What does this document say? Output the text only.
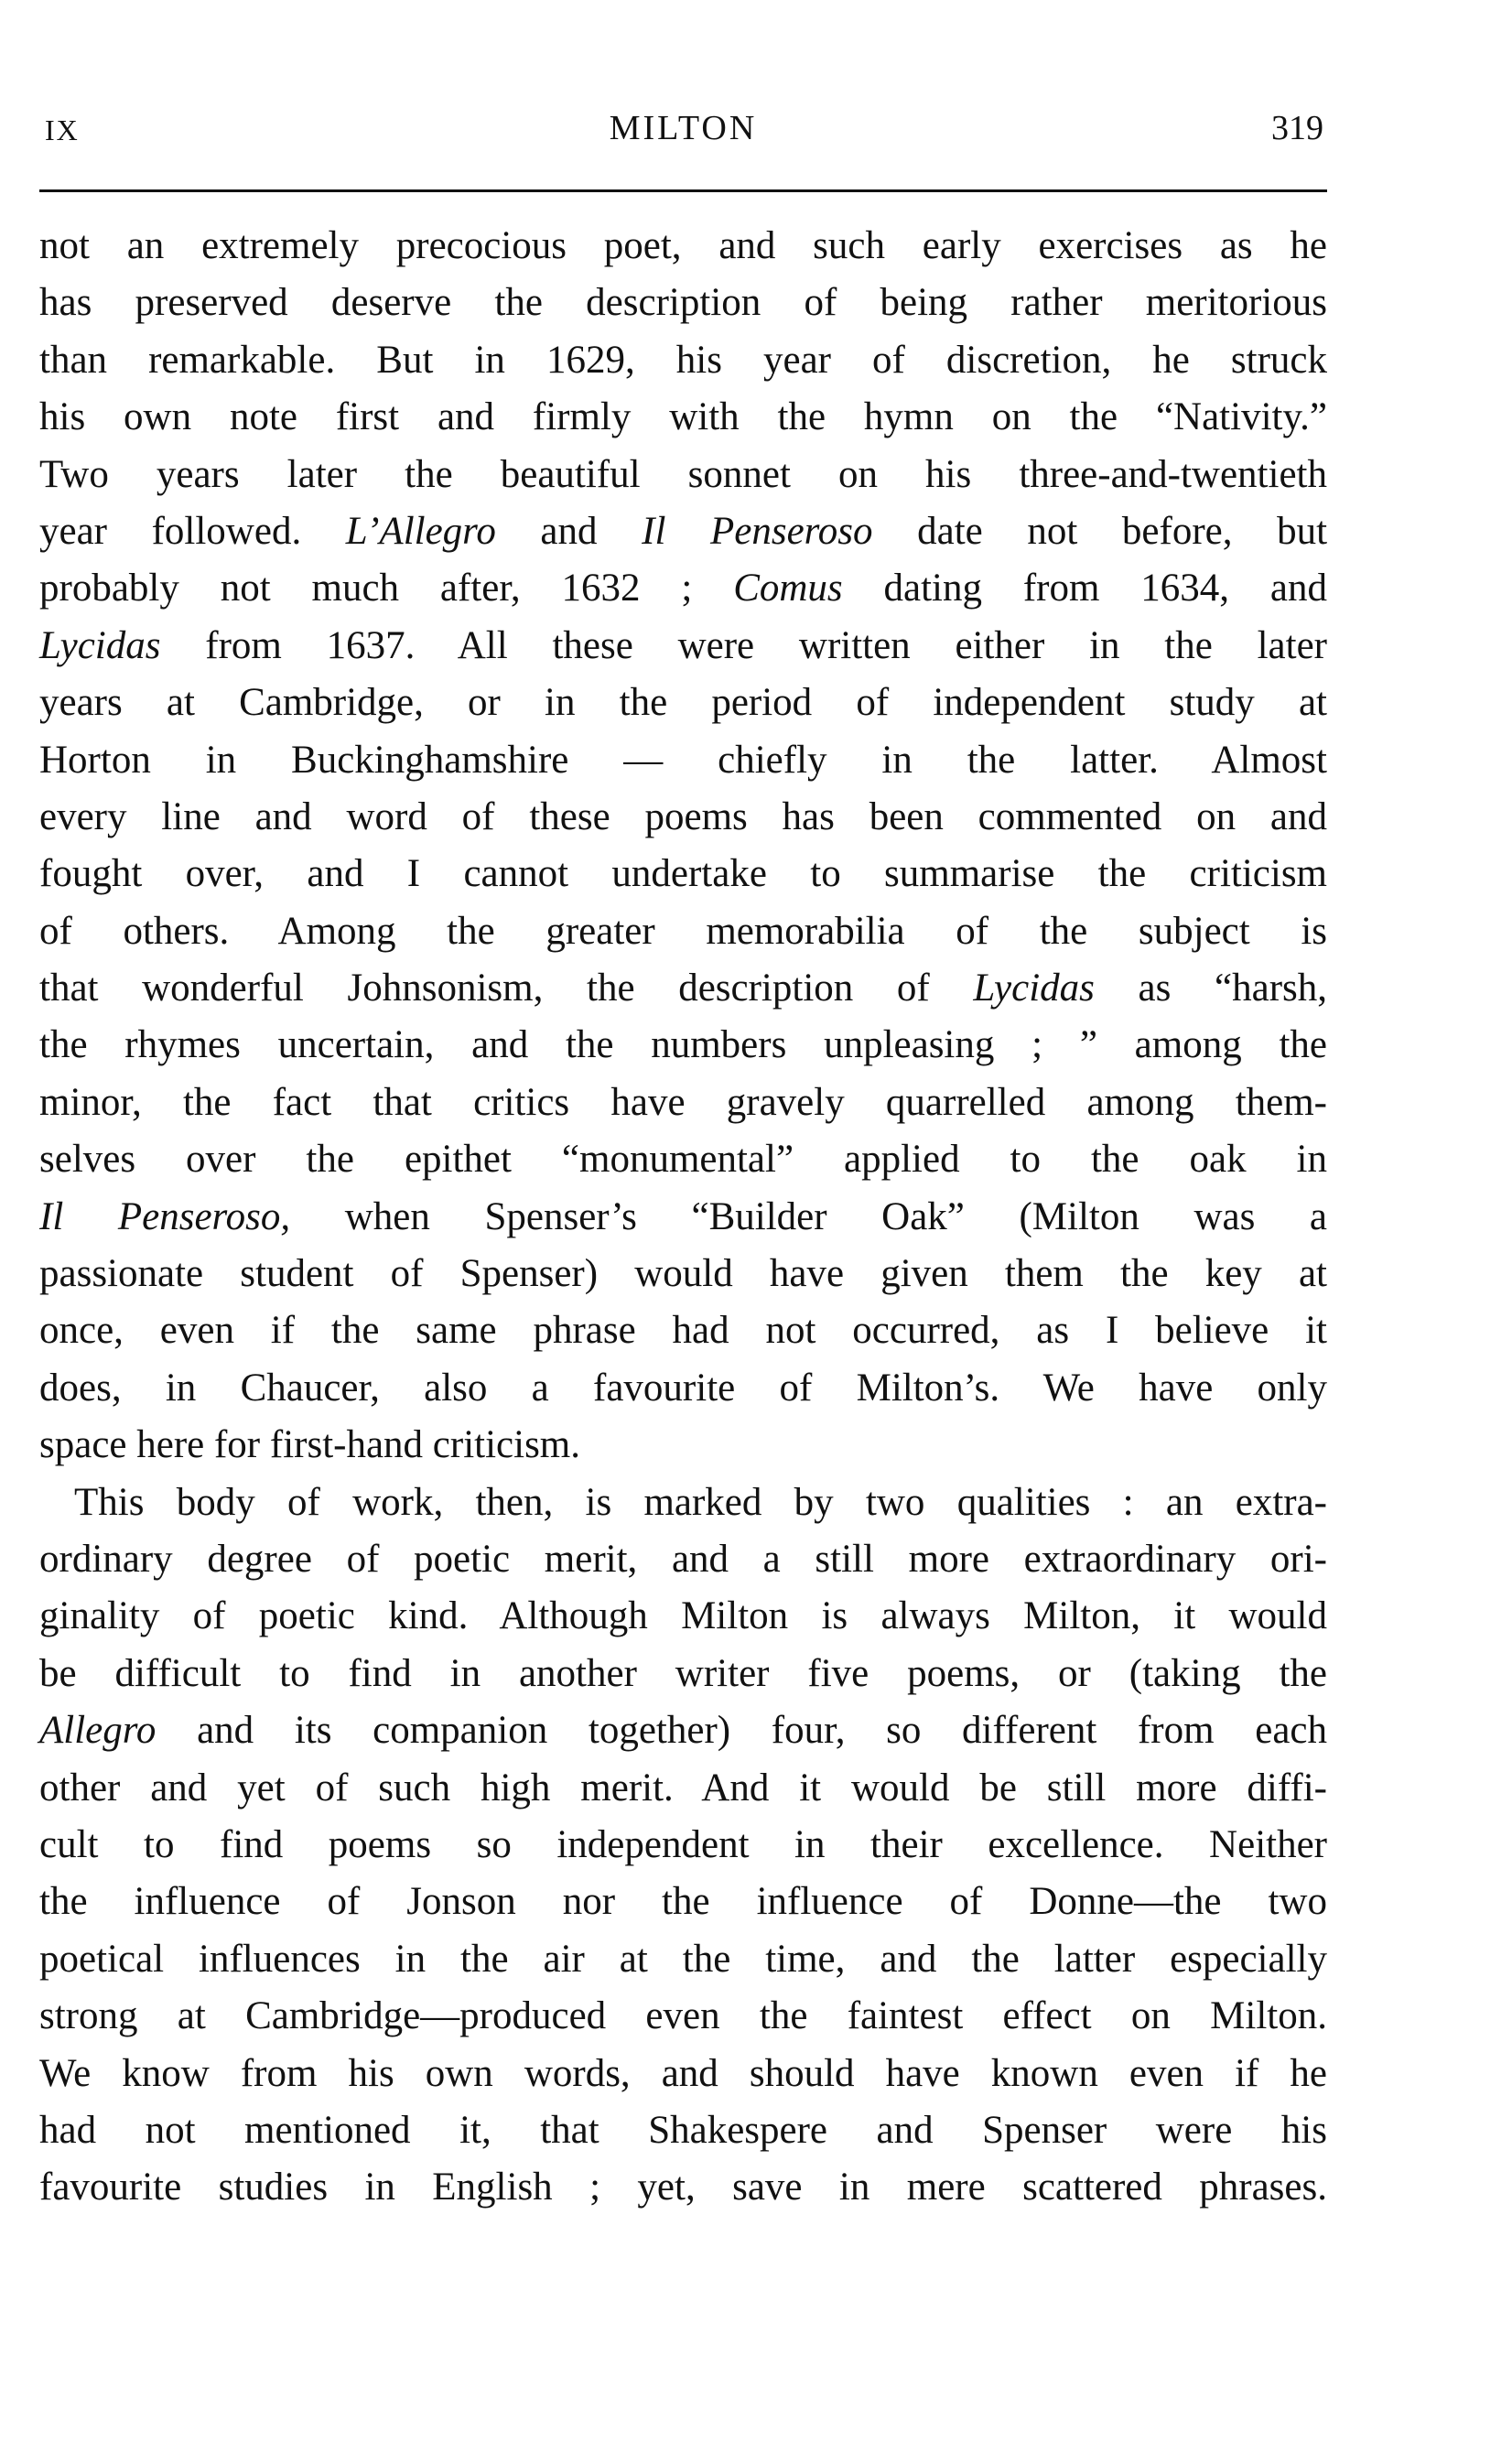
IX	MILTON	319
not an extremely precocious poet, and such early exercises as he
has preserved deserve the description of being rather meritorious
than remarkable. But in 1629, his year of discretion, he struck
his own note first and firmly with the hymn on the “Nativity.”
Two years later the beautiful sonnet on his three-and-twentieth
year followed. L’Allegro and Il Penseroso date not before, but
probably not much after, 1632 ; Comus dating from 1634, and
Lycidas from 1637. All these were written either in the later
years at Cambridge, or in the period of independent study at
Horton in Buckinghamshire — chiefly in the latter. Almost
every line and word of these poems has been commented on and
fought over, and I cannot undertake to summarise the criticism
of others. Among the greater memorabilia of the subject is
that wonderful Johnsonism, the description of Lycidas as “harsh,
the rhymes uncertain, and the numbers unpleasing ; ” among the
minor, the fact that critics have gravely quarrelled among them-
selves over the epithet “monumental” applied to the oak in
Il Penseroso, when Spenser’s “Builder Oak” (Milton was a
passionate student of Spenser) would have given them the key at
once, even if the same phrase had not occurred, as I believe it
does, in Chaucer, also a favourite of Milton’s. We have only
space here for first-hand criticism.
This body of work, then, is marked by two qualities : an extra-
ordinary degree of poetic merit, and a still more extraordinary ori-
ginality of poetic kind. Although Milton is always Milton, it would
be difficult to find in another writer five poems, or (taking the
Allegro and its companion together) four, so different from each
other and yet of such high merit. And it would be still more diffi-
cult to find poems so independent in their excellence. Neither
the influence of Jonson nor the influence of Donne—the two
poetical influences in the air at the time, and the latter especially
strong at Cambridge—produced even the faintest effect on Milton.
We know from his own words, and should have known even if he
had not mentioned it, that Shakespere and Spenser were his
favourite studies in English ; yet, save in mere scattered phrases.
